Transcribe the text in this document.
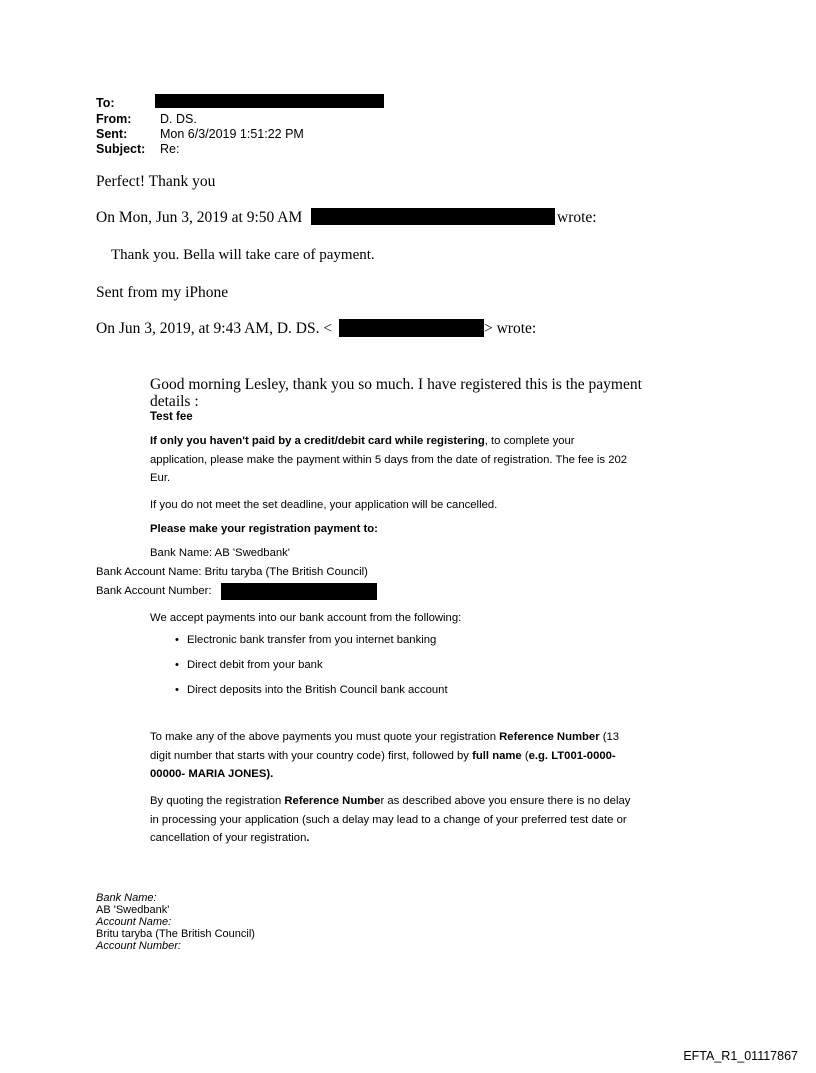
To:
From: D. DS.
Sent:	Mon 6/3/2019 1:51:22 PM
Subject: Re:
Perfect! Thank you
On Mon, Jun 3, 2019 at 9:50 AM	wrote:
Thank you. Bella will take care of payment.
Sent from my iPhone
On Jun 3, 2019, at 9:43 AM, D. DS. <	> wrote:
Good morning Lesley, thank you so much. I have registered this is the payment
details :
Test fee
If only you haven't paid by a credit/debit card while registering, to complete your
application, please make the payment within 5 days from the date of registration. The fee is 202
Eur.
If you do not meet the set deadline, your application will be cancelled.
Please make your registration payment to:
Bank Name: AB 'Swedbank'
Bank Account Name: Britu taryba (The British Council)
Bank Account Number:
We accept payments into our bank account from the following:
• Electronic bank transfer from you internet banking
• Direct debit from your bank
• Direct deposits into the British Council bank account
To make any of the above payments you must quote your registration Reference Number (13
digit number that starts with your country code) first, followed by full name (e.g. LT001-0000-
00000- MARIA JONES).
By quoting the registration Reference Number as described above you ensure there is no delay
in processing your application (such a delay may lead to a change of your preferred test date or
cancellation of your registration.
Bank Name:
AB 'Swedbank'
Account Name:
Britu taryba (The British Council)
Account Number:
EFTA_R1_01117867
